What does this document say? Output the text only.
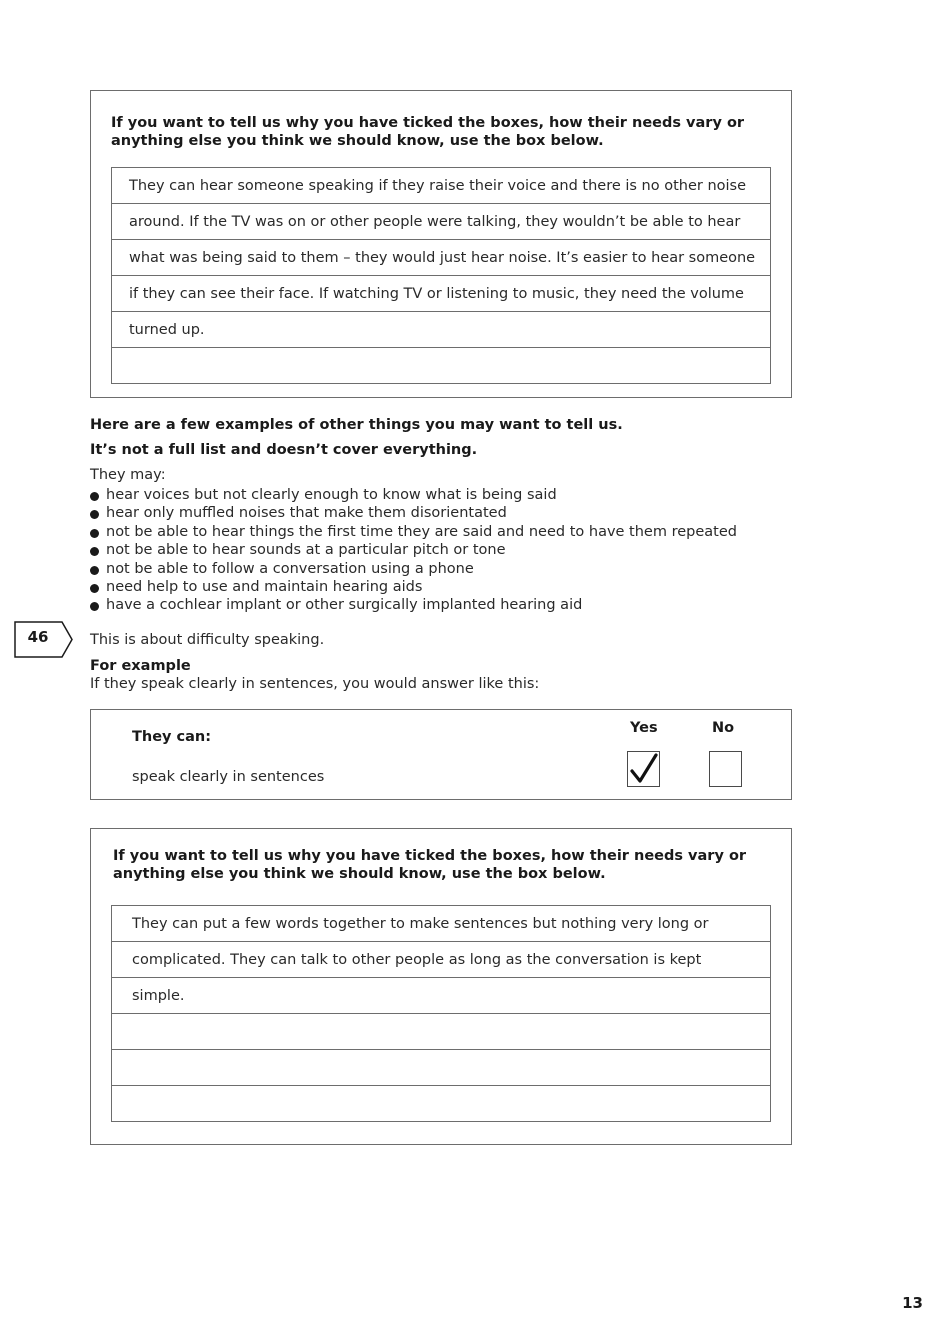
If you want to tell us why you have ticked the boxes, how their needs vary or anything else you think we should know, use the box below.
They can hear someone speaking if they raise their voice and there is no other noise
around. If the TV was on or other people were talking, they wouldn’t be able to hear
what was being said to them – they would just hear noise. It’s easier to hear someone
if they can see their face. If watching TV or listening to music, they need the volume
turned up.
Here are a few examples of other things you may want to tell us.
It’s not a full list and doesn’t cover everything.
They may:
hear voices but not clearly enough to know what is being said
hear only muffled noises that make them disorientated
not be able to hear things the first time they are said and need to have them repeated
not be able to hear sounds at a particular pitch or tone
not be able to follow a conversation using a phone
need help to use and maintain hearing aids
have a cochlear implant or other surgically implanted hearing aid
46	This is about difficulty speaking.
For example
If they speak clearly in sentences, you would answer like this:
They can:
Yes	No
speak clearly in sentences
If you want to tell us why you have ticked the boxes, how their needs vary or anything else you think we should know, use the box below.
They can put a few words together to make sentences but nothing very long or
complicated. They can talk to other people as long as the conversation is kept
simple.
13
